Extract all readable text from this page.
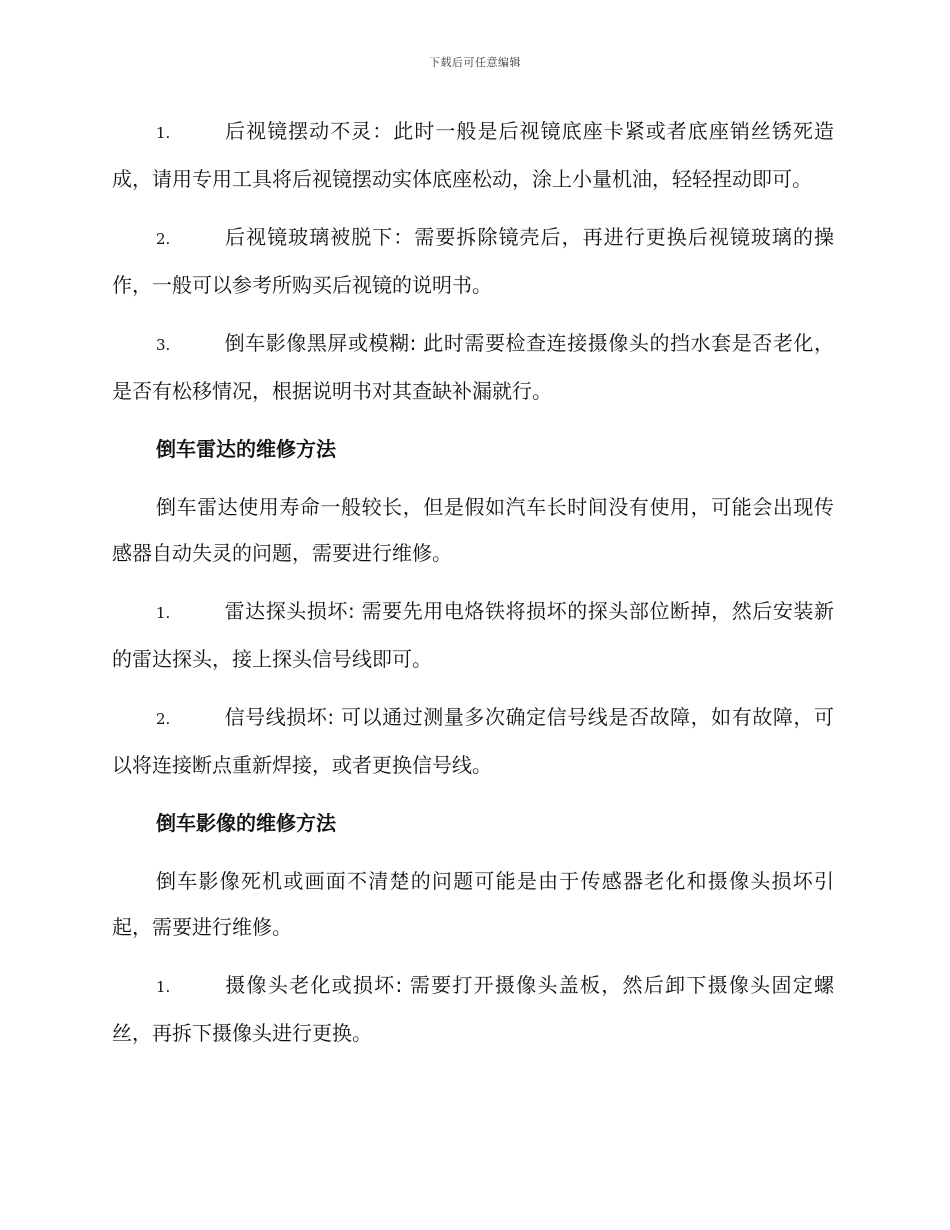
下载后可任意编辑

1.	后视镜摆动不灵：此时一般是后视镜底座卡紧或者底座销丝锈死造成，请用专用工具将后视镜摆动实体底座松动，涂上小量机油，轻轻捏动即可。

2.	后视镜玻璃被脱下：需要拆除镜壳后，再进行更换后视镜玻璃的操作，一般可以参考所购买后视镜的说明书。

3.	倒车影像黑屏或模糊: 此时需要检查连接摄像头的挡水套是否老化，是否有松移情况，根据说明书对其查缺补漏就行。

倒车雷达的维修方法

倒车雷达使用寿命一般较长，但是假如汽车长时间没有使用，可能会出现传感器自动失灵的问题，需要进行维修。

1.	雷达探头损坏: 需要先用电烙铁将损坏的探头部位断掉，然后安装新的雷达探头，接上探头信号线即可。

2.	信号线损坏: 可以通过测量多次确定信号线是否故障，如有故障，可以将连接断点重新焊接，或者更换信号线。

倒车影像的维修方法

倒车影像死机或画面不清楚的问题可能是由于传感器老化和摄像头损坏引起，需要进行维修。

1.	摄像头老化或损坏: 需要打开摄像头盖板，然后卸下摄像头固定螺丝，再拆下摄像头进行更换。
